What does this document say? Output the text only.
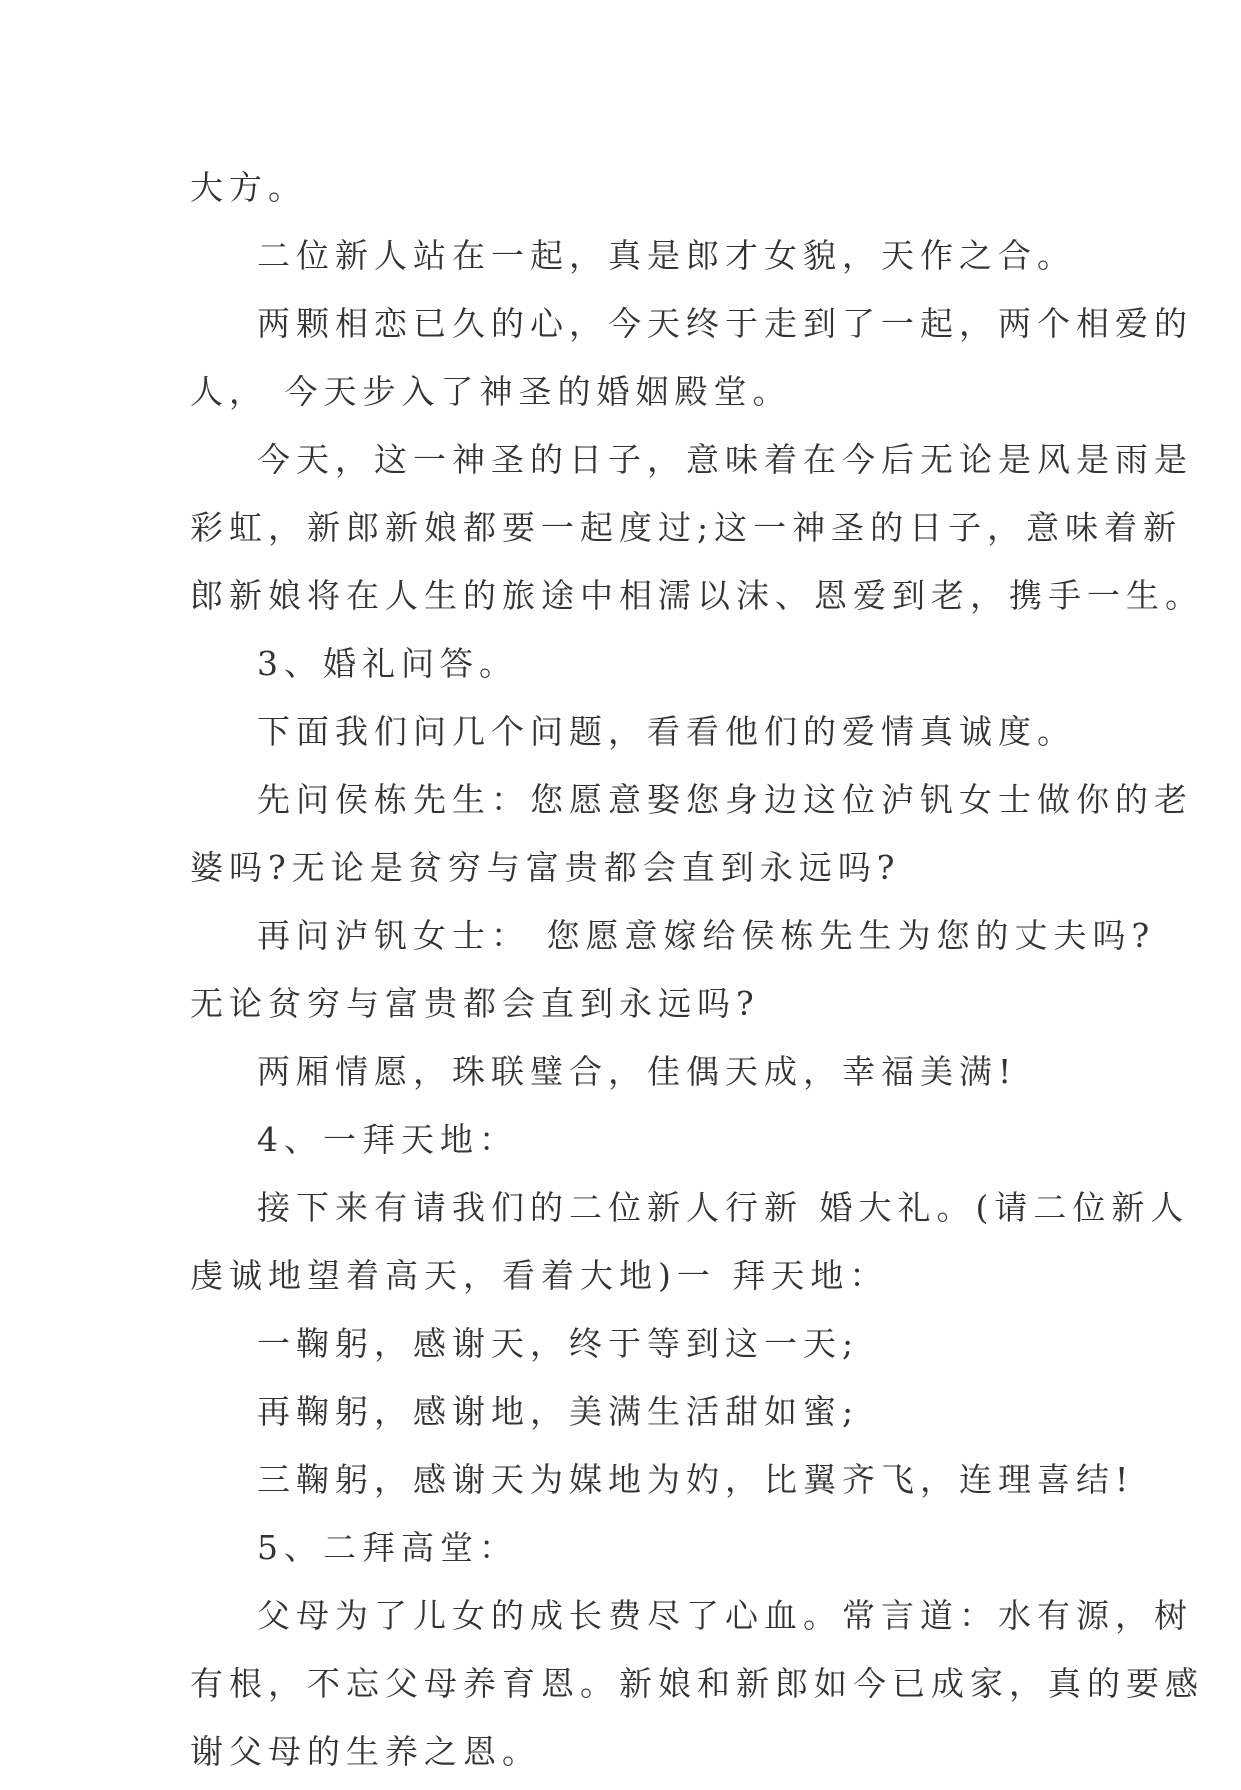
大方。

二位新人站在一起，真是郎才女貌，天作之合。

两颗相恋已久的心，今天终于走到了一起，两个相爱的

人， 今天步入了神圣的婚姻殿堂。

今天，这一神圣的日子，意味着在今后无论是风是雨是

彩虹，新郎新娘都要一起度过;这一神圣的日子，意味着新

郎新娘将在人生的旅途中相濡以沫、恩爱到老，携手一生。

3、婚礼问答。

下面我们问几个问题，看看他们的爱情真诚度。

先问侯栋先生：您愿意娶您身边这位泸钒女士做你的老

婆吗?无论是贫穷与富贵都会直到永远吗?

再问泸钒女士： 您愿意嫁给侯栋先生为您的丈夫吗?

无论贫穷与富贵都会直到永远吗?

两厢情愿，珠联璧合，佳偶天成，幸福美满!

4、一拜天地：

接下来有请我们的二位新人行新 婚大礼。(请二位新人

虔诚地望着高天，看着大地)一 拜天地：

一鞠躬，感谢天，终于等到这一天;

再鞠躬，感谢地，美满生活甜如蜜;

三鞠躬，感谢天为媒地为妁，比翼齐飞，连理喜结!

5、二拜高堂：

父母为了儿女的成长费尽了心血。常言道：水有源，树

有根，不忘父母养育恩。新娘和新郎如今已成家，真的要感

谢父母的生养之恩。
